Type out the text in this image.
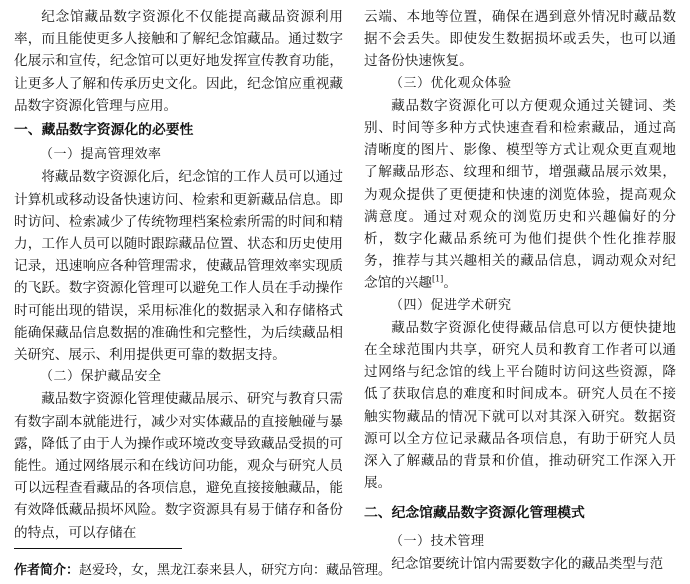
纪念馆藏品数字资源化不仅能提高藏品资源利用率，而且能使更多人接触和了解纪念馆藏品。通过数字化展示和宣传，纪念馆可以更好地发挥宣传教育功能，让更多人了解和传承历史文化。因此，纪念馆应重视藏品数字资源化管理与应用。

一、藏品数字资源化的必要性
（一）提高管理效率

将藏品数字资源化后，纪念馆的工作人员可以通过计算机或移动设备快速访问、检索和更新藏品信息。即时访问、检索减少了传统物理档案检索所需的时间和精力，工作人员可以随时跟踪藏品位置、状态和历史使用记录，迅速响应各种管理需求，使藏品管理效率实现质的飞跃。数字资源化管理可以避免工作人员在手动操作时可能出现的错误，采用标准化的数据录入和存储格式能确保藏品信息数据的准确性和完整性，为后续藏品相关研究、展示、利用提供更可靠的数据支持。

（二）保护藏品安全

藏品数字资源化管理使藏品展示、研究与教育只需有数字副本就能进行，减少对实体藏品的直接触碰与暴露，降低了由于人为操作或环境改变导致藏品受损的可能性。通过网络展示和在线访问功能，观众与研究人员可以远程查看藏品的各项信息，避免直接接触藏品，能有效降低藏品损坏风险。数字资源具有易于储存和备份的特点，可以存储在

云端、本地等位置，确保在遇到意外情况时藏品数据不会丢失。即使发生数据损坏或丢失，也可以通过备份快速恢复。

（三）优化观众体验

藏品数字资源化可以方便观众通过关键词、类别、时间等多种方式快速查看和检索藏品，通过高清晰度的图片、影像、模型等方式让观众更直观地了解藏品形态、纹理和细节，增强藏品展示效果，为观众提供了更便捷和快速的浏览体验，提高观众满意度。通过对观众的浏览历史和兴趣偏好的分析，数字化藏品系统可为他们提供个性化推荐服务，推荐与其兴趣相关的藏品信息，调动观众对纪念馆的兴趣[1]。

（四）促进学术研究

藏品数字资源化使得藏品信息可以方便快捷地在全球范围内共享，研究人员和教育工作者可以通过网络与纪念馆的线上平台随时访问这些资源，降低了获取信息的难度和时间成本。研究人员在不接触实物藏品的情况下就可以对其深入研究。数据资源可以全方位记录藏品各项信息，有助于研究人员深入了解藏品的背景和价值，推动研究工作深入开展。

二、纪念馆藏品数字资源化管理模式
（一）技术管理

纪念馆要统计馆内需要数字化的藏品类型与范

作者简介：赵爱玲，女，黑龙江泰来县人，研究方向：藏品管理。
